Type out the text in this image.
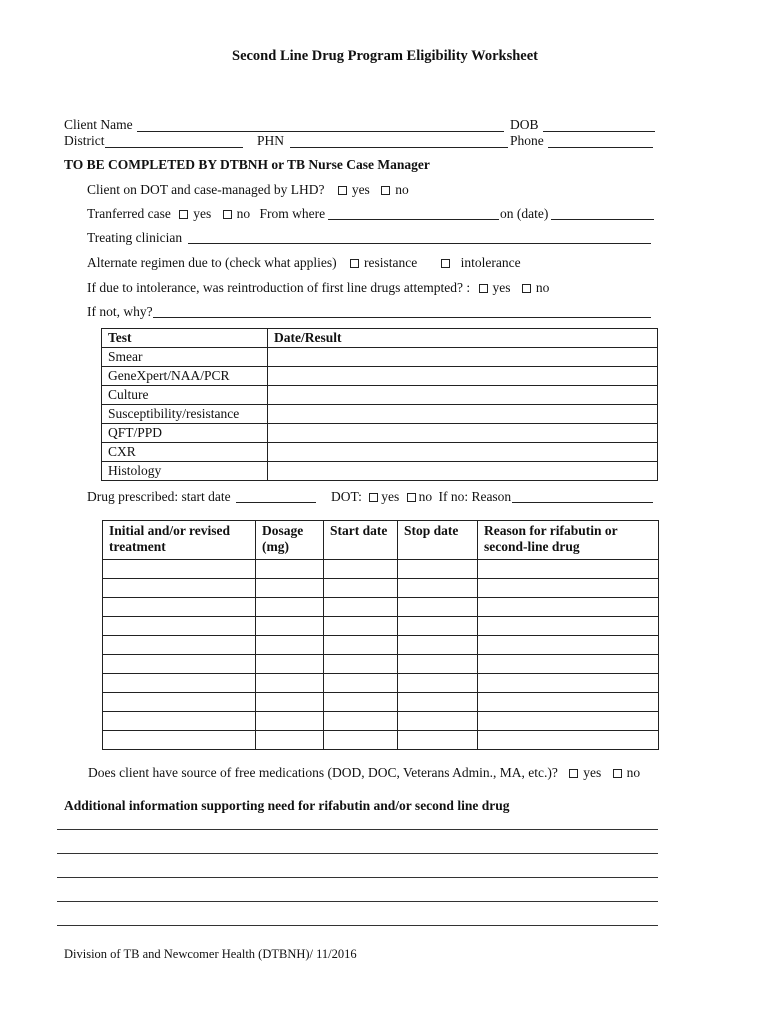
Second Line Drug Program Eligibility Worksheet
Client Name	DOB
District	PHN	Phone
TO BE COMPLETED BY DTBNH or TB Nurse Case Manager
Client on DOT and case-managed by LHD? yes no
Tranferred case yes no From where	on (date)
Treating clinician
Alternate regimen due to (check what applies) resistance	intolerance
If due to intolerance, was reintroduction of first line drugs attempted? : yes no
If not, why?
Test	Date/Result
Smear	
GeneXpert/NAA/PCR	
Culture	
Susceptibility/resistance	
QFT/PPD	
CXR	
Histology	
Drug prescribed: start date	DOT: yes no If no: Reason
Initial and/or revised treatment	Dosage (mg)	Start date	Stop date	Reason for rifabutin or second-line drug

Does client have source of free medications (DOD, DOC, Veterans Admin., MA, etc.)? yes no
Additional information supporting need for rifabutin and/or second line drug
Division of TB and Newcomer Health (DTBNH)/ 11/2016
